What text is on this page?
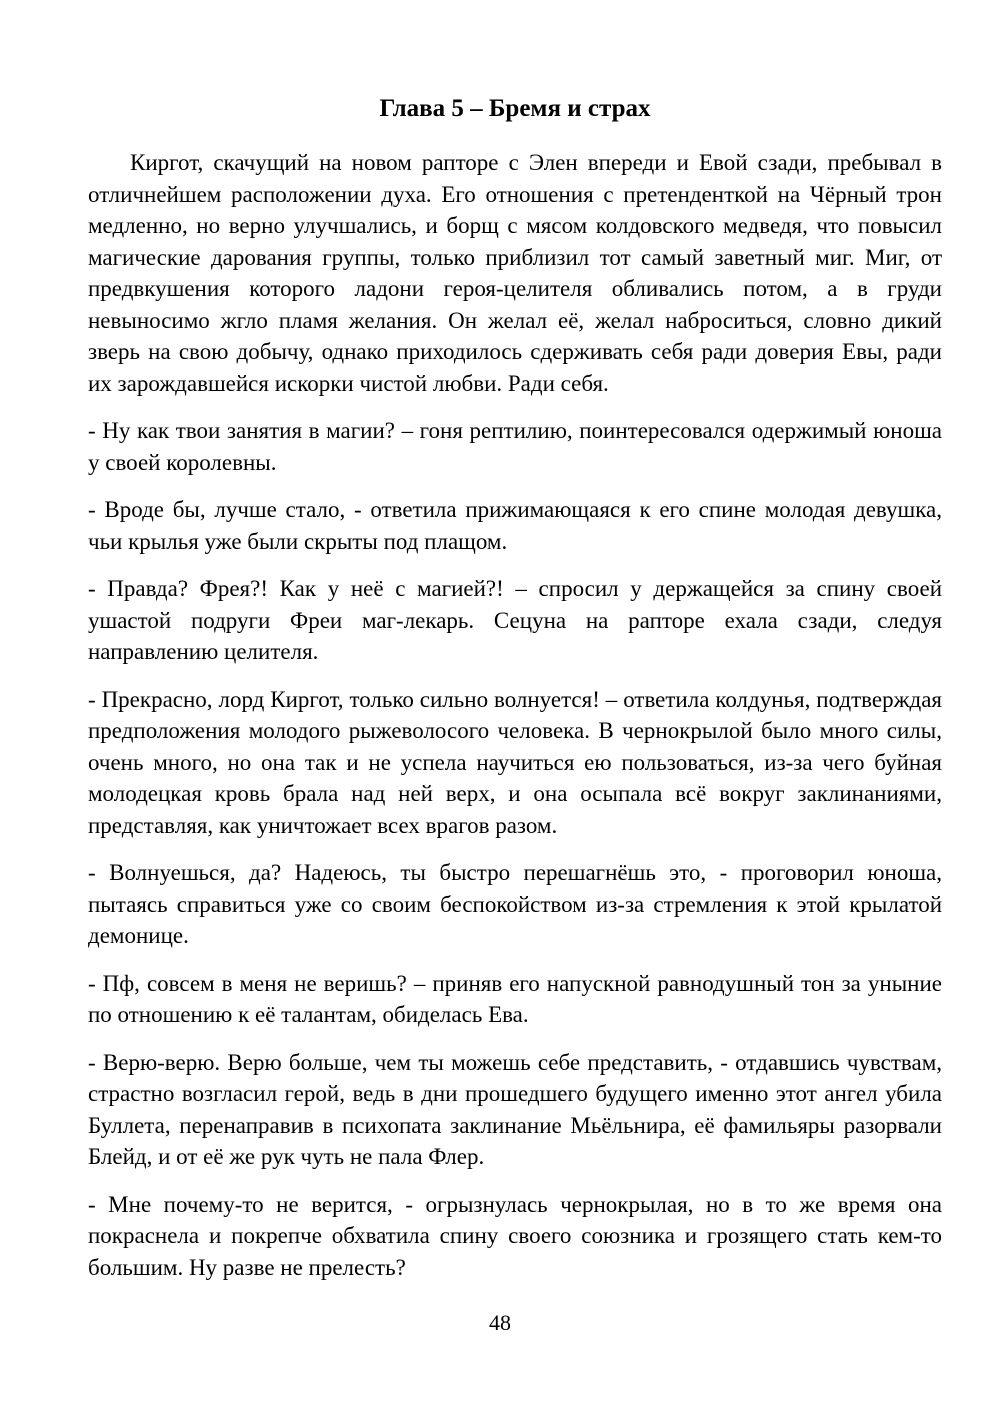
Глава 5 – Бремя и страх

Киргот, скачущий на новом рапторе с Элен впереди и Евой сзади, пребывал в отличнейшем расположении духа. Его отношения с претенденткой на Чёрный трон медленно, но верно улучшались, и борщ с мясом колдовского медведя, что повысил магические дарования группы, только приблизил тот самый заветный миг. Миг, от предвкушения которого ладони героя-целителя обливались потом, а в груди невыносимо жгло пламя желания. Он желал её, желал наброситься, словно дикий зверь на свою добычу, однако приходилось сдерживать себя ради доверия Евы, ради их зарождавшейся искорки чистой любви. Ради себя.

- Ну как твои занятия в магии? – гоня рептилию, поинтересовался одержимый юноша у своей королевны.

- Вроде бы, лучше стало, - ответила прижимающаяся к его спине молодая девушка, чьи крылья уже были скрыты под плащом.

- Правда? Фрея?! Как у неё с магией?! – спросил у держащейся за спину своей ушастой подруги Фреи маг-лекарь. Сецуна на рапторе ехала сзади, следуя направлению целителя.

- Прекрасно, лорд Киргот, только сильно волнуется! – ответила колдунья, подтверждая предположения молодого рыжеволосого человека. В чернокрылой было много силы, очень много, но она так и не успела научиться ею пользоваться, из-за чего буйная молодецкая кровь брала над ней верх, и она осыпала всё вокруг заклинаниями, представляя, как уничтожает всех врагов разом.

- Волнуешься, да? Надеюсь, ты быстро перешагнёшь это, - проговорил юноша, пытаясь справиться уже со своим беспокойством из-за стремления к этой крылатой демонице.

- Пф, совсем в меня не веришь? – приняв его напускной равнодушный тон за уныние по отношению к её талантам, обиделась Ева.

- Верю-верю. Верю больше, чем ты можешь себе представить, - отдавшись чувствам, страстно возгласил герой, ведь в дни прошедшего будущего именно этот ангел убила Буллета, перенаправив в психопата заклинание Мьёльнира, её фамильяры разорвали Блейд, и от её же рук чуть не пала Флер.

- Мне почему-то не верится, - огрызнулась чернокрылая, но в то же время она покраснела и покрепче обхватила спину своего союзника и грозящего стать кем-то большим. Ну разве не прелесть?

48
